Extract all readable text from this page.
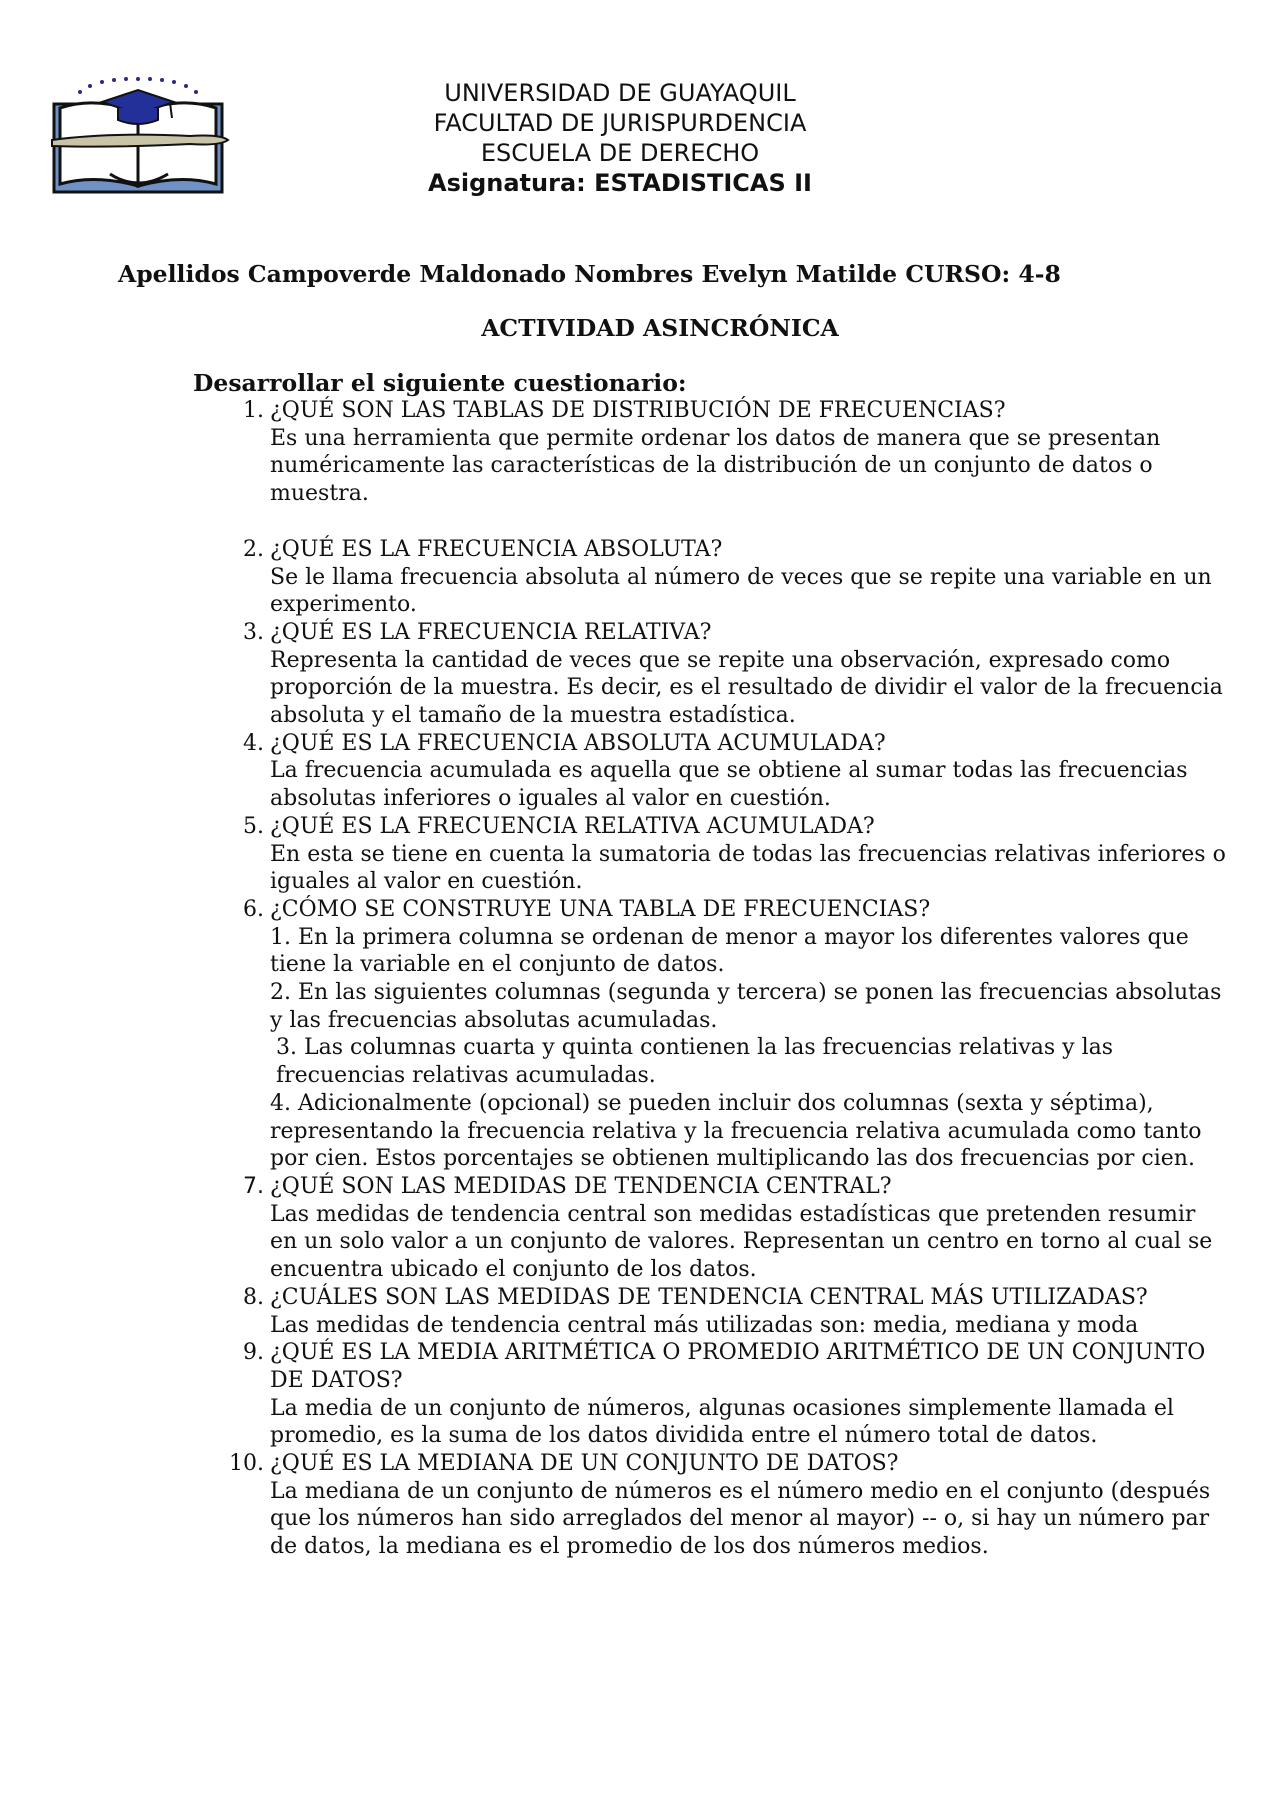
UNIVERSIDAD DE GUAYAQUIL
FACULTAD DE JURISPURDENCIA
ESCUELA DE DERECHO
Asignatura: ESTADISTICAS II
Apellidos Campoverde Maldonado Nombres Evelyn Matilde CURSO: 4-8
ACTIVIDAD ASINCRÓNICA
Desarrollar el siguiente cuestionario:
1. ¿QUÉ SON LAS TABLAS DE DISTRIBUCIÓN DE FRECUENCIAS?
Es una herramienta que permite ordenar los datos de manera que se presentan numéricamente las características de la distribución de un conjunto de datos o muestra.
2. ¿QUÉ ES LA FRECUENCIA ABSOLUTA?
Se le llama frecuencia absoluta al número de veces que se repite una variable en un experimento.
3. ¿QUÉ ES LA FRECUENCIA RELATIVA?
Representa la cantidad de veces que se repite una observación, expresado como proporción de la muestra. Es decir, es el resultado de dividir el valor de la frecuencia absoluta y el tamaño de la muestra estadística.
4. ¿QUÉ ES LA FRECUENCIA ABSOLUTA ACUMULADA?
La frecuencia acumulada es aquella que se obtiene al sumar todas las frecuencias absolutas inferiores o iguales al valor en cuestión.
5. ¿QUÉ ES LA FRECUENCIA RELATIVA ACUMULADA?
En esta se tiene en cuenta la sumatoria de todas las frecuencias relativas inferiores o iguales al valor en cuestión.
6. ¿CÓMO SE CONSTRUYE UNA TABLA DE FRECUENCIAS?
1. En la primera columna se ordenan de menor a mayor los diferentes valores que tiene la variable en el conjunto de datos.
2. En las siguientes columnas (segunda y tercera) se ponen las frecuencias absolutas y las frecuencias absolutas acumuladas.
3. Las columnas cuarta y quinta contienen la las frecuencias relativas y las frecuencias relativas acumuladas.
4. Adicionalmente (opcional) se pueden incluir dos columnas (sexta y séptima), representando la frecuencia relativa y la frecuencia relativa acumulada como tanto por cien. Estos porcentajes se obtienen multiplicando las dos frecuencias por cien.
7. ¿QUÉ SON LAS MEDIDAS DE TENDENCIA CENTRAL?
Las medidas de tendencia central son medidas estadísticas que pretenden resumir en un solo valor a un conjunto de valores. Representan un centro en torno al cual se encuentra ubicado el conjunto de los datos.
8. ¿CUÁLES SON LAS MEDIDAS DE TENDENCIA CENTRAL MÁS UTILIZADAS?
Las medidas de tendencia central más utilizadas son: media, mediana y moda
9. ¿QUÉ ES LA MEDIA ARITMÉTICA O PROMEDIO ARITMÉTICO DE UN CONJUNTO DE DATOS?
La media de un conjunto de números, algunas ocasiones simplemente llamada el promedio, es la suma de los datos dividida entre el número total de datos.
10. ¿QUÉ ES LA MEDIANA DE UN CONJUNTO DE DATOS?
La mediana de un conjunto de números es el número medio en el conjunto (después que los números han sido arreglados del menor al mayor) -- o, si hay un número par de datos, la mediana es el promedio de los dos números medios.
